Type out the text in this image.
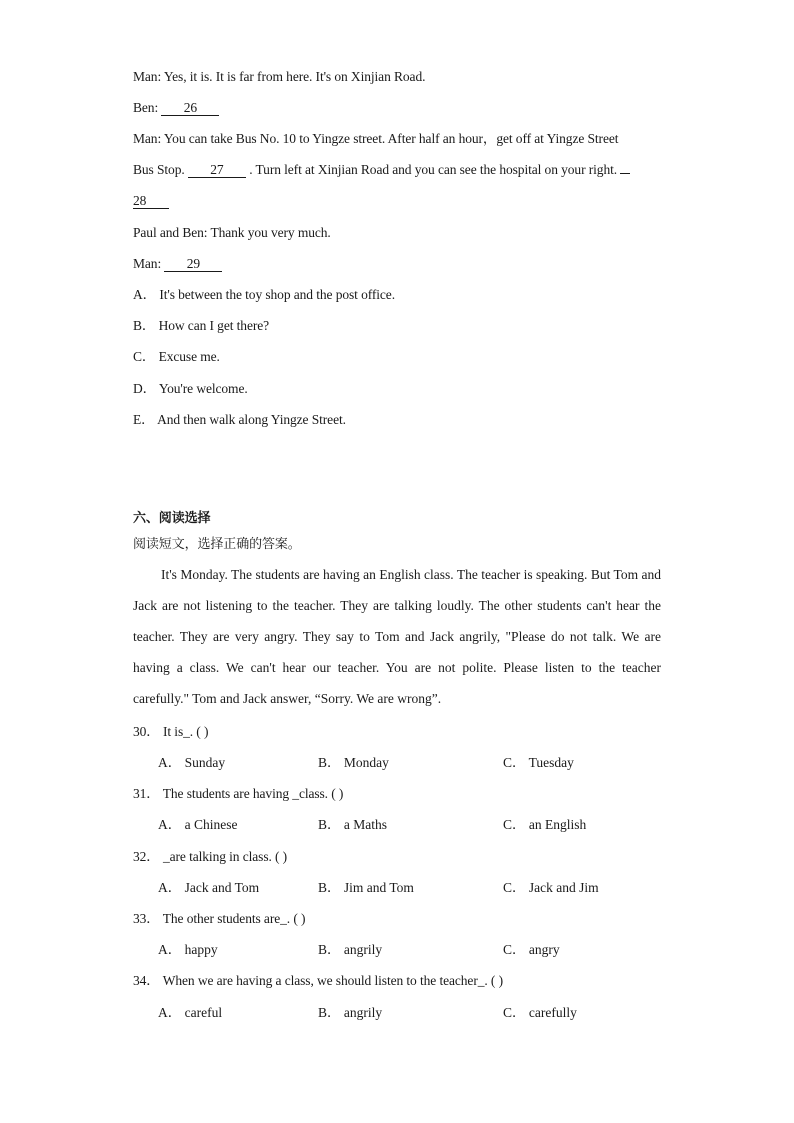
Man: Yes, it is. It is far from here. It's on Xinjian Road.
Ben: 26
Man: You can take Bus No. 10 to Yingze street. After half an hour，get off at Yingze Street
Bus Stop. 27 . Turn left at Xinjian Road and you can see the hospital on your right.
28
Paul and Ben: Thank you very much.
Man: 29
A． It's between the toy shop and the post office.
B． How can I get there?
C． Excuse me.
D． You're welcome.
E． And then walk along Yingze Street.
六、阅读选择
阅读短文，选择正确的答案。

It's Monday. The students are having an English class. The teacher is speaking. But Tom and Jack are not listening to the teacher. They are talking loudly. The other students can't hear the teacher. They are very angry. They say to Tom and Jack angrily, "Please do not talk. We are having a class. We can't hear our teacher. You are not polite. Please listen to the teacher carefully." Tom and Jack answer, “Sorry. We are wrong”.

30． It is_. ( )
A． Sunday	B． Monday	C． Tuesday
31． The students are having _class. ( )
A． a Chinese	B． a Maths	C． an English
32． _are talking in class. ( )
A． Jack and Tom	B． Jim and Tom	C． Jack and Jim
33． The other students are_. ( )
A． happy	B． angrily	C． angry
34． When we are having a class, we should listen to the teacher_. ( )
A． careful	B． angrily	C． carefully
